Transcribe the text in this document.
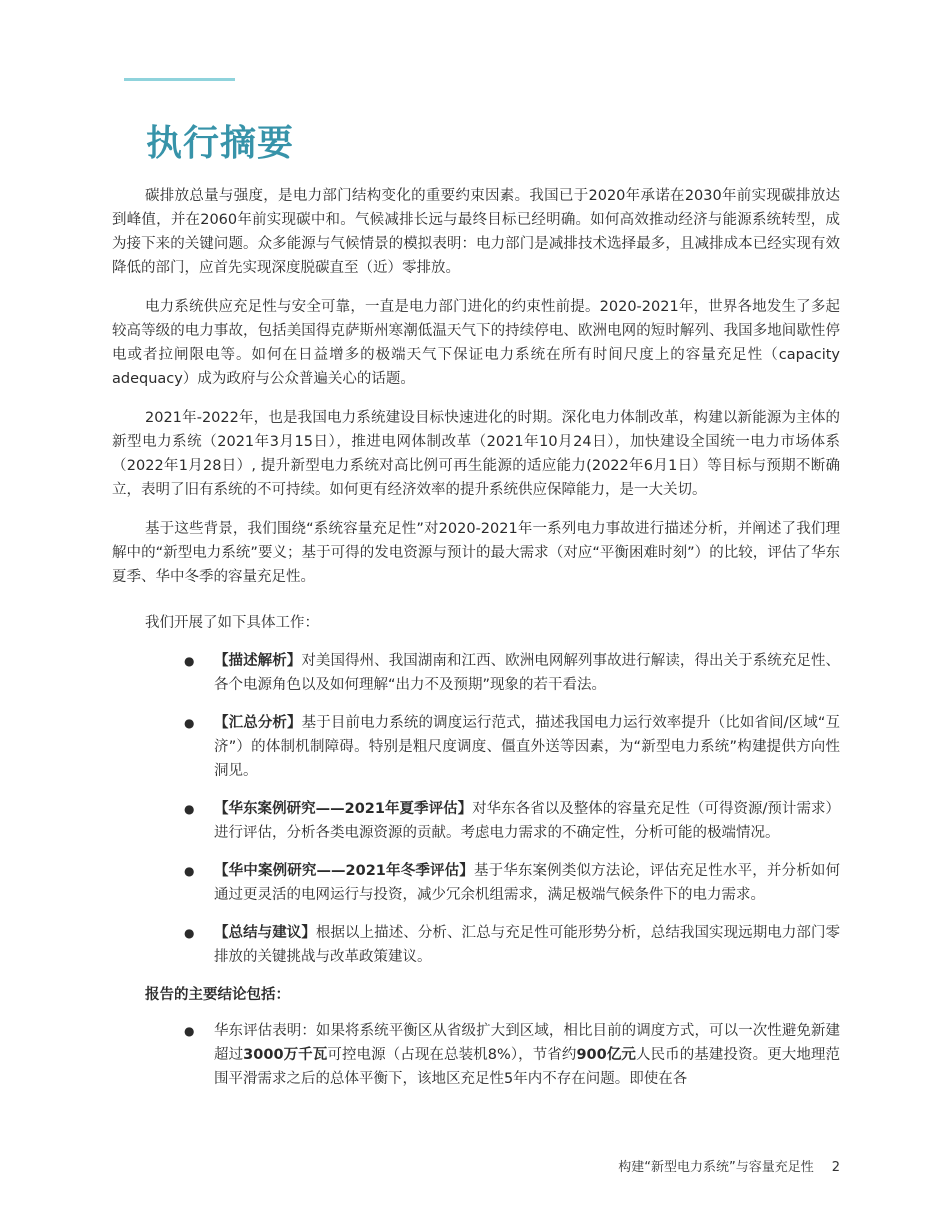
执行摘要

碳排放总量与强度，是电力部门结构变化的重要约束因素。我国已于2020年承诺在2030年前实现碳排放达到峰值，并在2060年前实现碳中和。气候减排长远与最终目标已经明确。如何高效推动经济与能源系统转型，成为接下来的关键问题。众多能源与气候情景的模拟表明：电力部门是减排技术选择最多，且减排成本已经实现有效降低的部门，应首先实现深度脱碳直至（近）零排放。

电力系统供应充足性与安全可靠，一直是电力部门进化的约束性前提。2020-2021年，世界各地发生了多起较高等级的电力事故，包括美国得克萨斯州寒潮低温天气下的持续停电、欧洲电网的短时解列、我国多地间歇性停电或者拉闸限电等。如何在日益增多的极端天气下保证电力系统在所有时间尺度上的容量充足性（capacity adequacy）成为政府与公众普遍关心的话题。

2021年-2022年，也是我国电力系统建设目标快速进化的时期。深化电力体制改革，构建以新能源为主体的新型电力系统（2021年3月15日），推进电网体制改革（2021年10月24日），加快建设全国统一电力市场体系（2022年1月28日）, 提升新型电力系统对高比例可再生能源的适应能力(2022年6月1日）等目标与预期不断确立，表明了旧有系统的不可持续。如何更有经济效率的提升系统供应保障能力，是一大关切。

基于这些背景，我们围绕“系统容量充足性”对2020-2021年一系列电力事故进行描述分析，并阐述了我们理解中的“新型电力系统”要义；基于可得的发电资源与预计的最大需求（对应“平衡困难时刻”）的比较，评估了华东夏季、华中冬季的容量充足性。

我们开展了如下具体工作：

● 【描述解析】对美国得州、我国湖南和江西、欧洲电网解列事故进行解读，得出关于系统充足性、各个电源角色以及如何理解“出力不及预期”现象的若干看法。
● 【汇总分析】基于目前电力系统的调度运行范式，描述我国电力运行效率提升（比如省间/区域“互济”）的体制机制障碍。特别是粗尺度调度、僵直外送等因素，为“新型电力系统”构建提供方向性洞见。
● 【华东案例研究——2021年夏季评估】对华东各省以及整体的容量充足性（可得资源/预计需求）进行评估，分析各类电源资源的贡献。考虑电力需求的不确定性，分析可能的极端情况。
● 【华中案例研究——2021年冬季评估】基于华东案例类似方法论，评估充足性水平，并分析如何通过更灵活的电网运行与投资，减少冗余机组需求，满足极端气候条件下的电力需求。
● 【总结与建议】根据以上描述、分析、汇总与充足性可能形势分析，总结我国实现远期电力部门零排放的关键挑战与改革政策建议。

报告的主要结论包括：

● 华东评估表明：如果将系统平衡区从省级扩大到区域，相比目前的调度方式，可以一次性避免新建超过3000万千瓦可控电源（占现在总装机8%），节省约900亿元人民币的基建投资。更大地理范围平滑需求之后的总体平衡下，该地区充足性5年内不存在问题。即使在各
构建“新型电力系统”与容量充足性 2
